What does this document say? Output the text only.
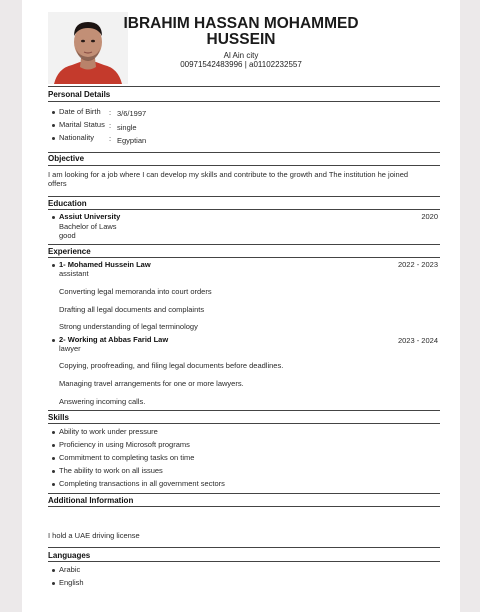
IBRAHIM HASSAN MOHAMMED HUSSEIN
Al Ain city
00971542483996 | a01102232557
Personal Details
Date of Birth : 3/6/1997
Marital Status : single
Nationality : Egyptian
Objective
I am looking for a job where I can develop my skills and contribute to the growth and The institution he joined offers
Education
Assiut University	2020
Bachelor of Laws
good
Experience
1- Mohamed Hussein Law	2022 - 2023
assistant
Converting legal memoranda into court orders
Drafting all legal documents and complaints
Strong understanding of legal terminology
2- Working at Abbas Farid Law	2023 - 2024
lawyer
Copying, proofreading, and filing legal documents before deadlines.
Managing travel arrangements for one or more lawyers.
Answering incoming calls.
Skills
Ability to work under pressure
Proficiency in using Microsoft programs
Commitment to completing tasks on time
The ability to work on all issues
Completing transactions in all government sectors
Additional Information
I hold a UAE driving license
Languages
Arabic
English
